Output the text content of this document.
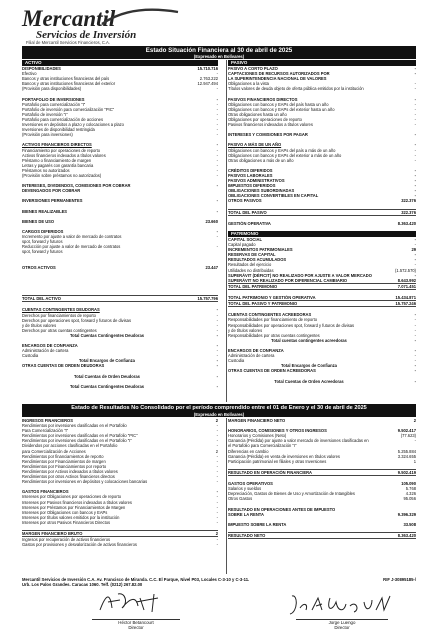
Mercantil
Servicios de Inversión
Filial de Mercantil Servicios Financieros, C.A.
Estado Situación Financiera al 30 de abril de 2025
(Expresado en Bolívares)
ACTIVO
DISPONIBILIDADES	15.710.716
Efectivo	-
Bancos y otras instituciones financieras del país	2.763.222
Bancos y otras instituciones financieras del exterior	12.947.494
(Provisión para disponibilidades)	-
PORTAFOLIO DE INVERSIONES	-
Portafolio para comercialización "I"	-
Portafolio de inversión para comercialización "PIC"	-
Portafolio de inversión "I"	-
Portafolio para comercialización de acciones	-
Inversiones en depósitos a plazo y colocaciones a plazo	-
Inversiones de disponibilidad restringida	-
(Provisión para inversiones)	-
ACTIVOS FINANCIEROS DIRECTOS	-
Financiamiento por operaciones de reporto	-
Activos financieros indexados a títulos valores	-
Préstamo o financiamiento de margen	-
Letras y pagarés con garantía bancaria	-
Préstamos no autorizados	-
(Provisión sobre préstamos no autorizados)	-
INTERESES, DIVIDENDOS, COMISIONES POR COBRAR	-
DEVENGADOS POR COBRAR
INVERSIONES PERMANENTES	-
BIENES REALIZABLES	-
BIENES DE USO	23.660
CARGOS DIFERIDOS	-
Incremento por ajuste a valor de mercado de contratos	-
spot, forward y futuros
Reducción por ajuste a valor de mercado de contratos	-
spot, forward y futuros
OTROS ACTIVOS	23.447
TOTAL DEL ACTIVO	15.757.796
CUENTAS CONTINGENTES DEUDORAS	-
Derechos por financiamientos de reporto	-
Derechos por operaciones spot, forward y futuros de divisas	-
y de títulos valores	-
Derechos por otras cuentas contingentes	-
Total Cuentas Contingentes Deudoras	-
ENCARGOS DE CONFIANZA	-
Administración de cartera	-
Custodia	-
Total Encargos de Confianza	-
OTRAS CUENTAS DE ORDEN DEUDORAS	-
Total Cuentas de Orden Deudoras	-
Total Cuentas Contingentes Deudoras	-
PASIVO
PASIVO A CORTO PLAZO	-
CAPTACIONES DE RECURSOS AUTORIZADOS POR	-
LA SUPERINTENDENCIA NACIONAL DE VALORES
Obligaciones a la vista	-
Títulos valores de deuda objeto de oferta pública emitidos por la institución	-
PASIVOS FINANCIEROS DIRECTOS	-
Obligaciones con bancos y EAPs del país hasta un año	-
Obligaciones con bancos y EAPs del exterior hasta un año	-
Otras obligaciones hasta un año	-
Obligaciones por operaciones de reporto	-
Pasivos financieros indexados a títulos valores	-
INTERESES Y COMISIONES POR PAGAR	-
PASIVO A MÁS DE UN AÑO	-
Obligaciones con bancos y EAPs del país a más de un año	-
Obligaciones con bancos y EAPs del exterior a más de un año	-
Otras obligaciones a más de un año	-
CRÉDITOS DIFERIDOS	-
PASIVOS LABORALES	-
PASIVOS ADMINISTRATIVOS	-
IMPUESTOS DIFERIDOS	-
OBLIGACIONES SUBORDINADAS	-
OBLIGACIONES CONVERTIBLES EN CAPITAL	-
OTROS PASIVOS	322.376
TOTAL DEL PASIVO	322.376
GESTIÓN OPERATIVA	8.363.420
PATRIMONIO
CAPITAL SOCIAL	-
Capital pagado	-
INCREMENTOS PATRIMONIALES	29
RESERVAS DE CAPITAL	-
RESULTADOS ACUMULADOS	-
Resultados del ejercicio	-
Utilidades no distribuidas	(1.572.570)
SUPERÁVIT (DÉFICIT) NO REALIZADO POR AJUSTE A VALOR MERCADO	-
SUPERÁVIT NO REALIZADO POR DIFERENCIAL CAMBIARIO	8.643.992
TOTAL DEL PATRIMONIO	7.071.451
TOTAL PATRIMONIO Y GESTIÓN OPERATIVA	15.434.871
TOTAL DEL PASIVO Y PATRIMONIO	15.757.246
CUENTAS CONTINGENTES ACREEDORAS	-
Responsabilidades por financiamiento de reporto	-
Responsabilidades por operaciones spot, forward y futuros de divisas	-
y de títulos valores	-
Responsabilidades por otras cuentas contingentes	-
Total cuentas contingentes acreedoras	-
ENCARGOS DE CONFIANZA	-
Administración de cartera	-
Custodia	-
Total Encargos de Confianza	-
OTRAS CUENTAS DE ORDEN ACREEDORAS	-
Total Cuentas de Orden Acreedoras	-
Estado de Resultados No Consolidado por el período comprendido entre el 01 de Enero y el 30 de abril de 2025
(Expresado en Bolívares)
INGRESOS FINANCIEROS	2
Rendimientos por inversiones clasificadas en el Portafolio	-
Para Comercialización "I"	-
Rendimientos por inversiones clasificadas en el Portafolio "PIC"	-
Rendimientos por inversiones clasificadas en el Portafolio "I"	-
Dividendos por acciones clasificadas en el Portafolio	-
para Comercialización de Acciones	2
Rendimientos por financiamientos de reporto	-
Rendimientos por Financiamientos de margen	-
Rendimientos por Financiamientos por reporto	-
Rendimientos por Activos indexados a títulos valores	-
Rendimientos por otros Activos financieros directos	-
Rendimientos por inversiones en depósitos y colocaciones bancarias	-
GASTOS FINANCIEROS	-
Intereses por Obligaciones por operaciones de reporto	-
Intereses por Pasivos financieros indexados a títulos valores	-
Intereses por Préstamos por Financiamientos de Margen	-
Intereses por Obligaciones con bancos y EAPs	-
Intereses por títulos valores emitidos por la institución	-
Intereses por otros Pasivos Financieros Directos	-
MARGEN FINANCIERO BRUTO	2
Ingresos por recuperación de activos financieros	-
Gastos por provisiones y desvalorización de activos financieros	-
MARGEN FINANCIERO NETO	2
HONORARIOS, COMISIONES Y OTROS INGRESOS	9.502.417
Honorarios y Comisiones (Neto)	(77.623)
Ganancia (Pérdida) por ajuste a valor mercado de inversiones clasificadas en	-
el Portafolio para Comercialización "I"
Diferencias en cambio	5.255.884
Ganancia (Pérdida) en venta de inversiones en títulos valores	3.324.655
Participación patrimonial en filiales y otras Inversiones	1
RESULTADO EN OPERACIÓN FINANCIERA	9.502.419
GASTOS OPERATIVOS	105.090
Salarios y sueldos	5.768
Depreciación, Gastos de Bienes de Uso y Amortización de Intangibles	4.326
Otros Gastos	95.056
RESULTADO EN OPERACIONES ANTES DE IMPUESTO
SOBRE LA RENTA	9.396.329
IMPUESTO SOBRE LA RENTA	33.508
RESULTADO NETO	8.363.420
Mercantil Servicios de Inversión C.A. Av. Francisco de Miranda. C.C. El Parque, Nivel P03, Locales C-3-10 y C-3-11.
Urb. Los Palos Grandes. Caracas 1060. Telf. (0212) 267.82.00
RIF J-30895185-/
Héctor Betancourt
Director
Jorge Luengo
Director
